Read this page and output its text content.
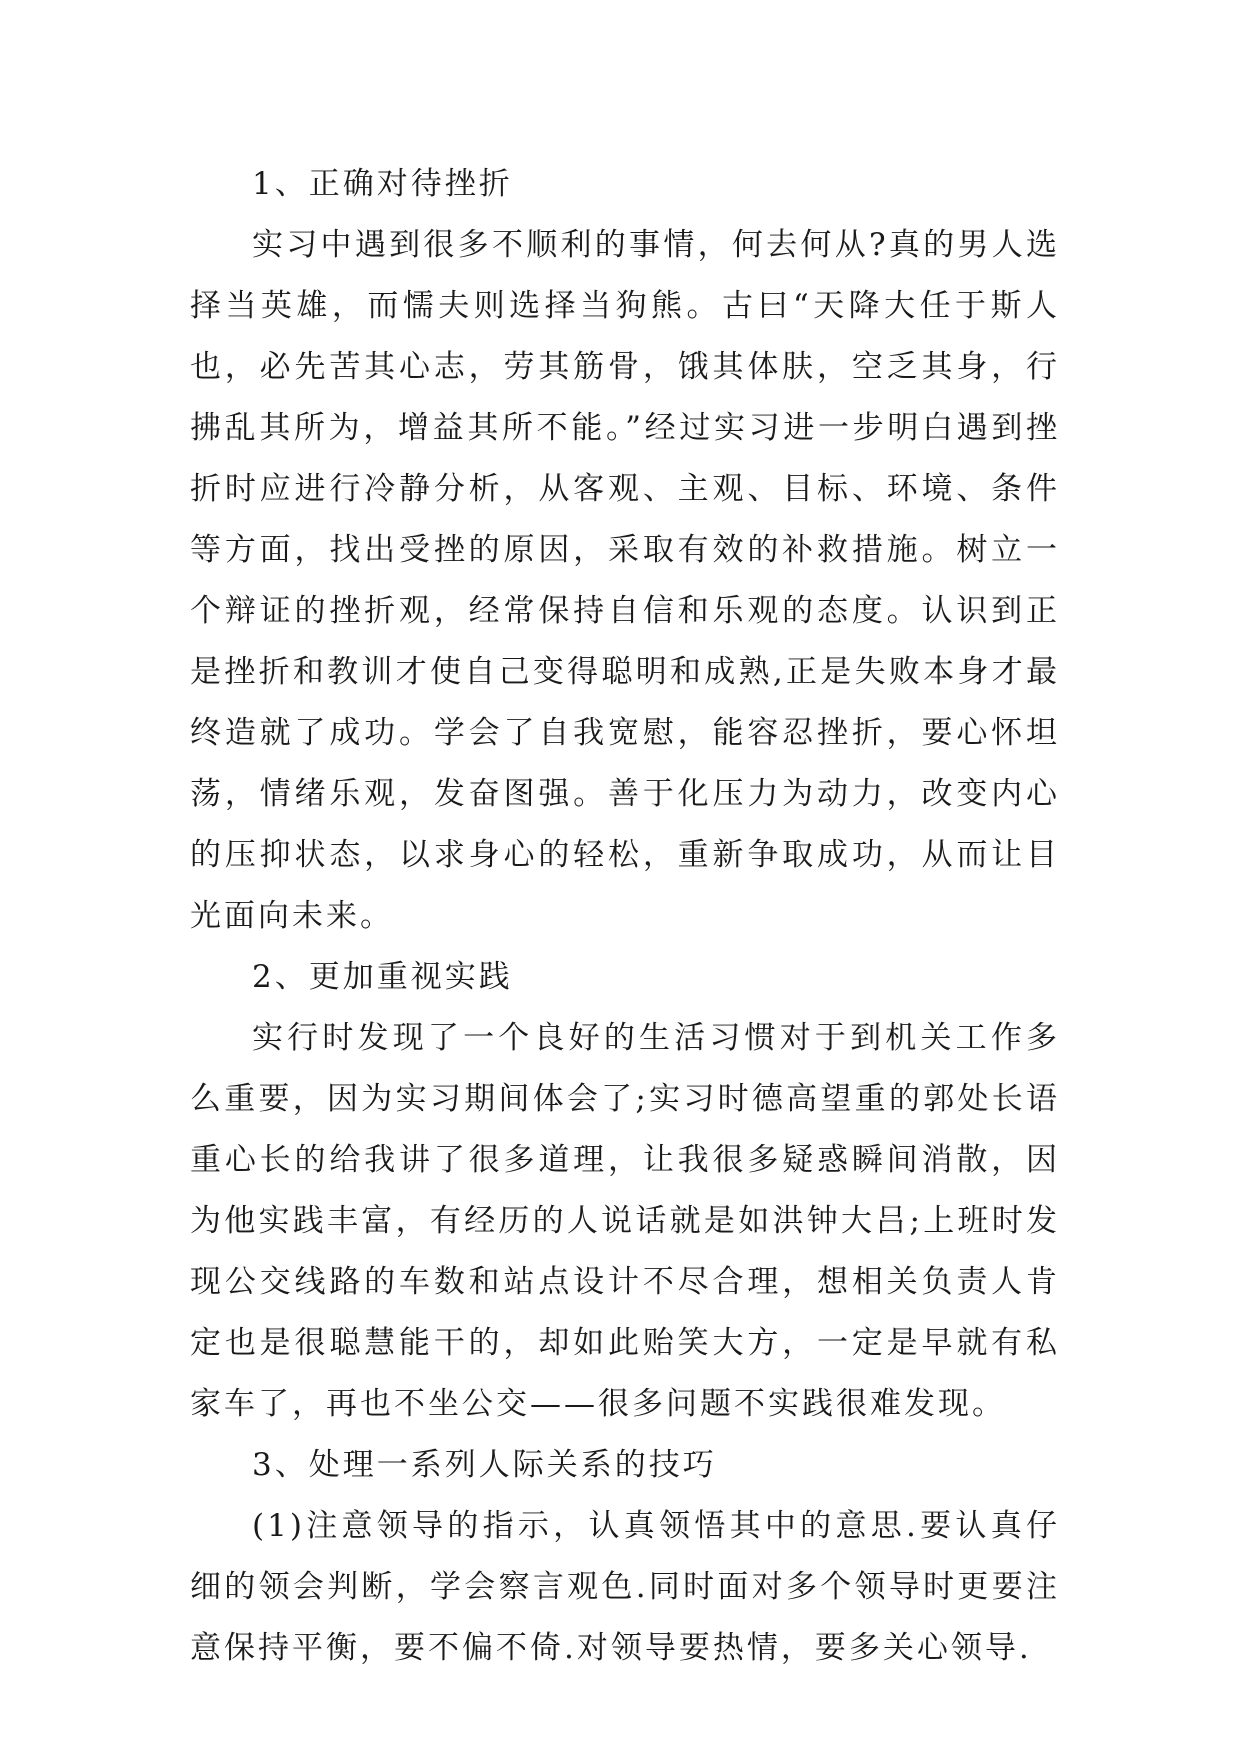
1、正确对待挫折

实习中遇到很多不顺利的事情，何去何从?真的男人选择当英雄，而懦夫则选择当狗熊。古曰“天降大任于斯人也，必先苦其心志，劳其筋骨，饿其体肤，空乏其身，行拂乱其所为，增益其所不能。”经过实习进一步明白遇到挫折时应进行冷静分析，从客观、主观、目标、环境、条件等方面，找出受挫的原因，采取有效的补救措施。树立一个辩证的挫折观，经常保持自信和乐观的态度。认识到正是挫折和教训才使自己变得聪明和成熟,正是失败本身才最终造就了成功。学会了自我宽慰，能容忍挫折，要心怀坦荡，情绪乐观，发奋图强。善于化压力为动力，改变内心的压抑状态，以求身心的轻松，重新争取成功，从而让目光面向未来。

2、更加重视实践

实行时发现了一个良好的生活习惯对于到机关工作多么重要，因为实习期间体会了;实习时德高望重的郭处长语重心长的给我讲了很多道理，让我很多疑惑瞬间消散，因为他实践丰富，有经历的人说话就是如洪钟大吕;上班时发现公交线路的车数和站点设计不尽合理，想相关负责人肯定也是很聪慧能干的，却如此贻笑大方，一定是早就有私家车了，再也不坐公交——很多问题不实践很难发现。

3、处理一系列人际关系的技巧

(1)注意领导的指示，认真领悟其中的意思.要认真仔细的领会判断，学会察言观色.同时面对多个领导时更要注意保持平衡，要不偏不倚.对领导要热情，要多关心领导.
